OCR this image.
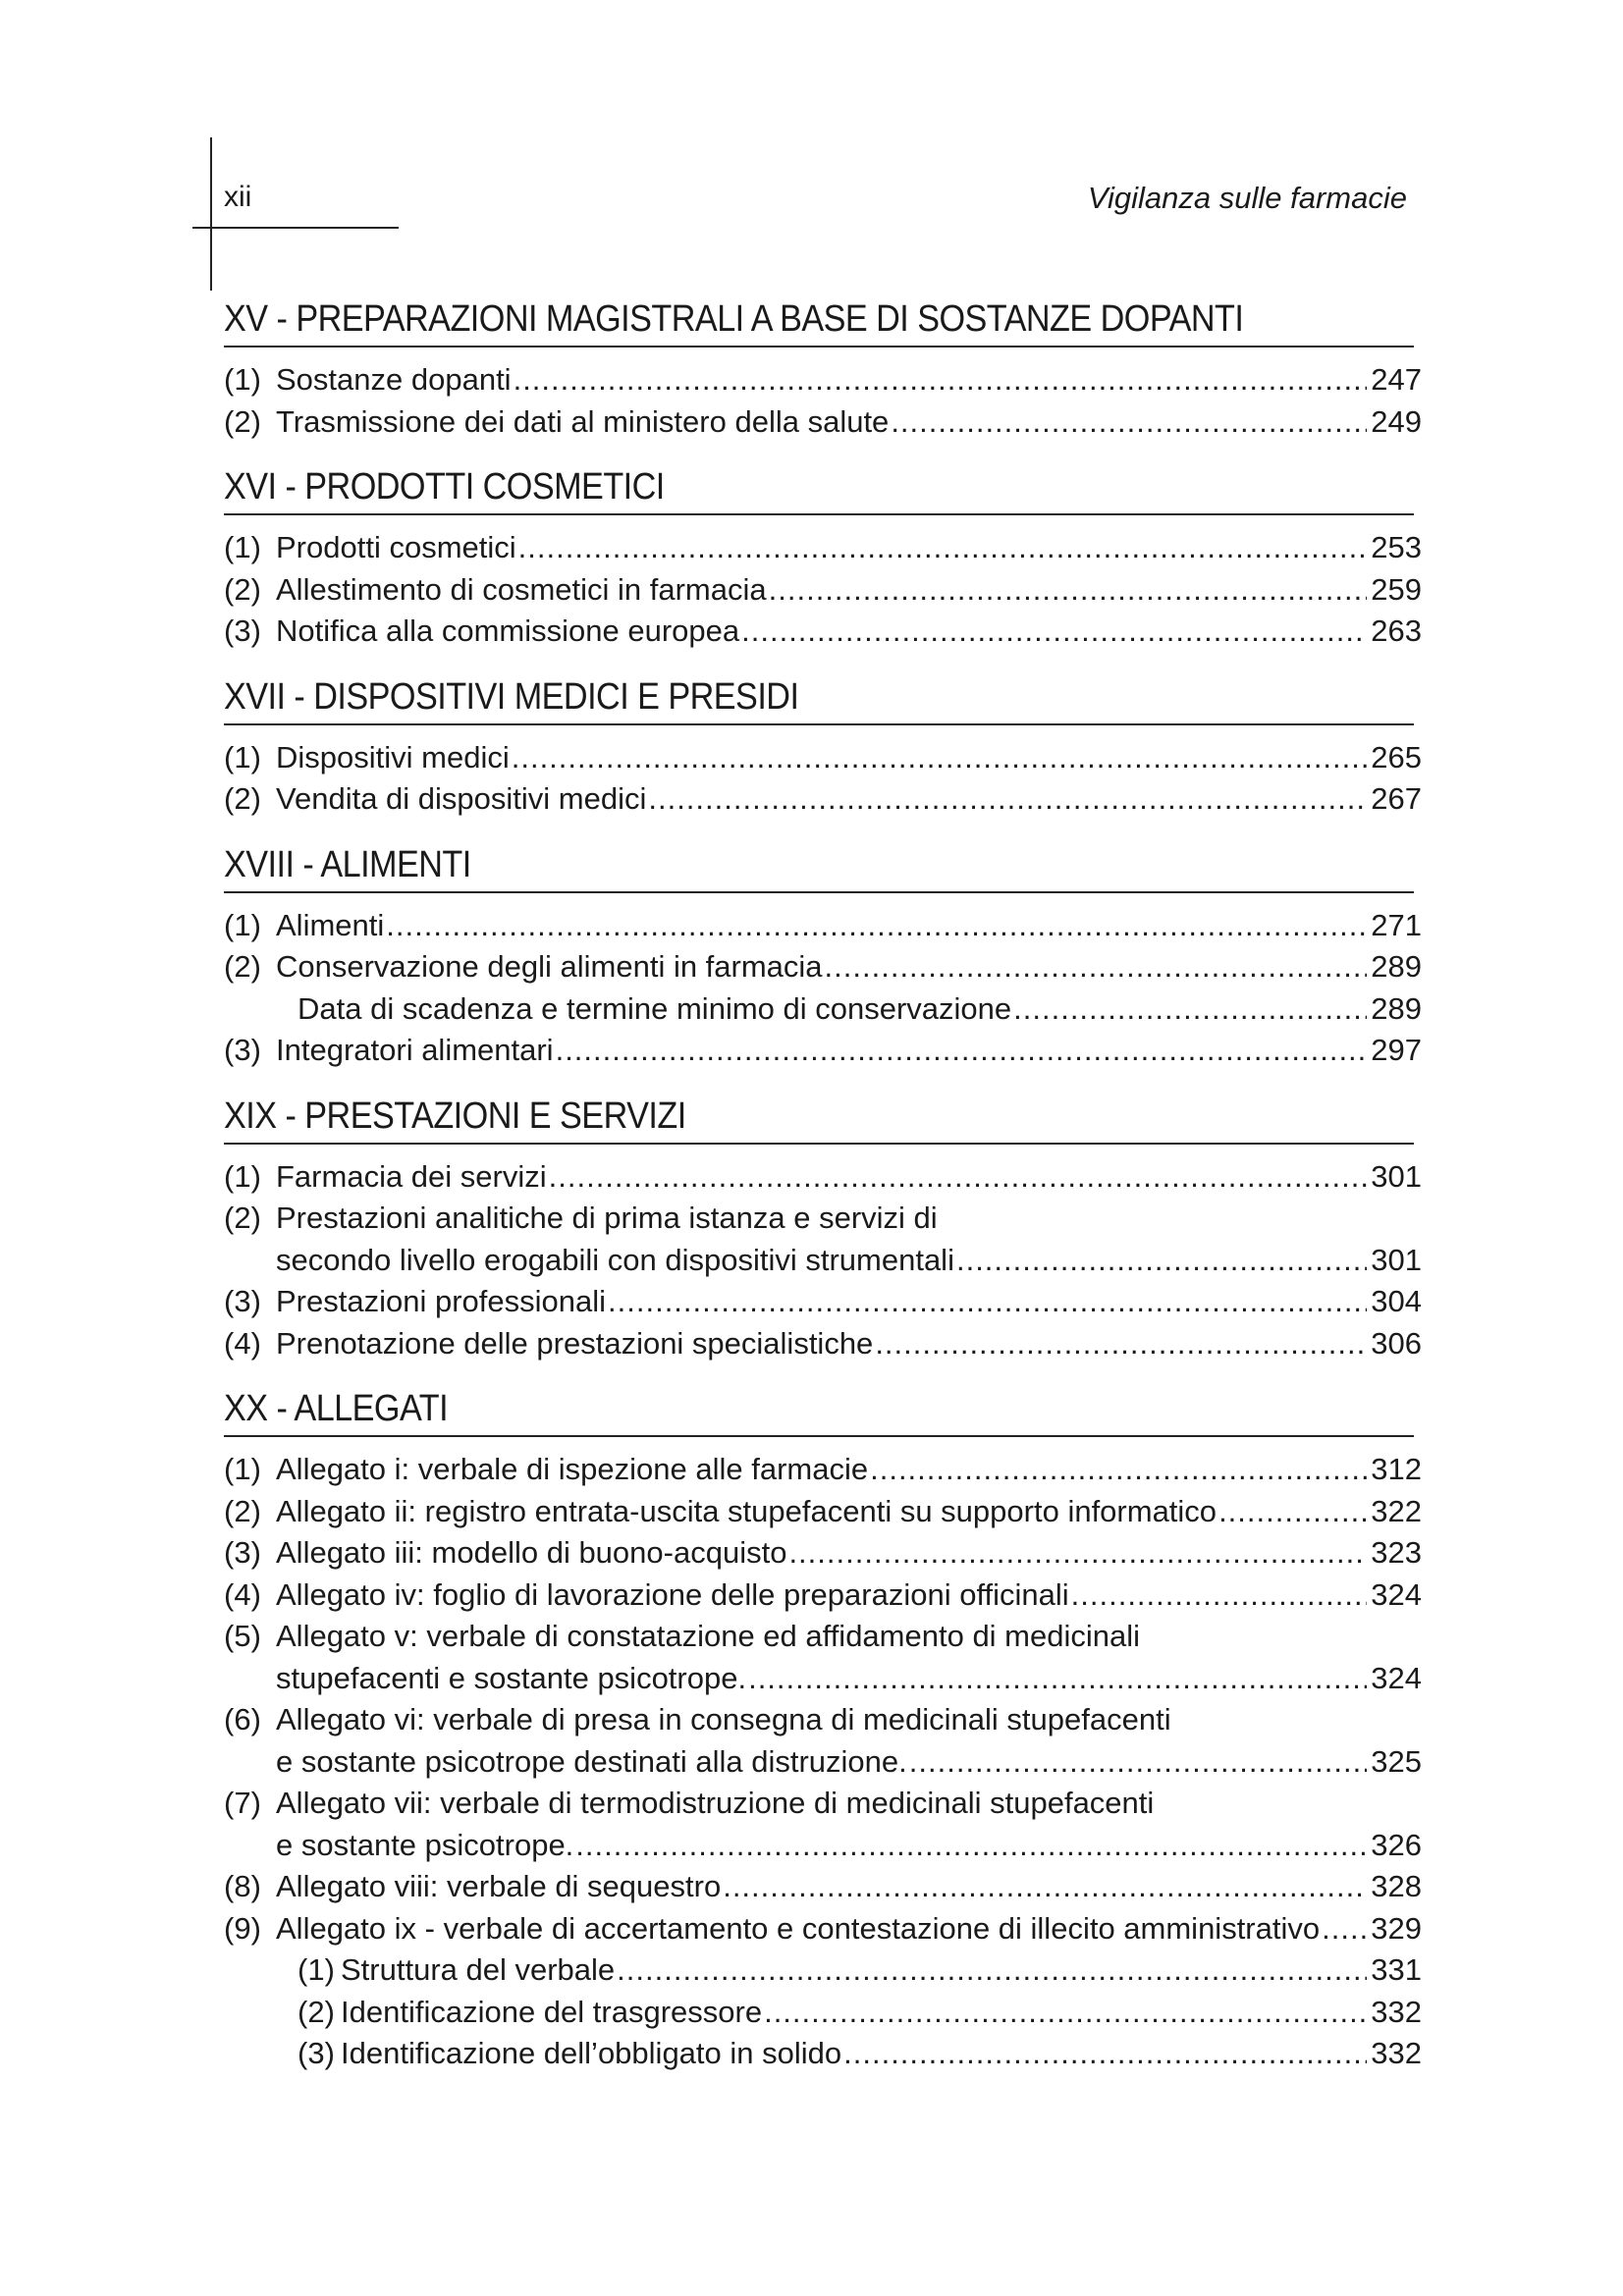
xii	Vigilanza sulle farmacie
XV - PREPARAZIONI MAGISTRALI A BASE DI SOSTANZE DOPANTI
(1) Sostanze dopanti .....	247
(2) Trasmissione dei dati al ministero della salute .....	249
XVI - PRODOTTI COSMETICI
(1) Prodotti cosmetici .....	253
(2) Allestimento di cosmetici in farmacia .....	259
(3) Notifica alla commissione europea .....	263
XVII - DISPOSITIVI MEDICI E PRESIDI
(1) Dispositivi medici .....	265
(2) Vendita di dispositivi medici .....	267
XVIII - ALIMENTI
(1) Alimenti .....	271
(2) Conservazione degli alimenti in farmacia .....	289
Data di scadenza e termine minimo di conservazione .....	289
(3) Integratori alimentari .....	297
XIX - PRESTAZIONI E SERVIZI
(1) Farmacia dei servizi .....	301
(2) Prestazioni analitiche di prima istanza e servizi di
secondo livello erogabili con dispositivi strumentali .....	301
(3) Prestazioni professionali .....	304
(4) Prenotazione delle prestazioni specialistiche .....	306
XX - ALLEGATI
(1) Allegato i: verbale di ispezione alle farmacie .....	312
(2) Allegato ii: registro entrata-uscita stupefacenti su supporto informatico .....	322
(3) Allegato iii: modello di buono-acquisto .....	323
(4) Allegato iv: foglio di lavorazione delle preparazioni officinali .....	324
(5) Allegato v: verbale di constatazione ed affidamento di medicinali
stupefacenti e sostante psicotrope. .....	324
(6) Allegato vi: verbale di presa in consegna di medicinali stupefacenti
e sostante psicotrope destinati alla distruzione. .....	325
(7) Allegato vii: verbale di termodistruzione di medicinali stupefacenti
e sostante psicotrope. .....	326
(8) Allegato viii: verbale di sequestro .....	328
(9) Allegato ix - verbale di accertamento e contestazione di illecito amministrativo ..... 329
(1) Struttura del verbale .....	331
(2) Identificazione del trasgressore .....	332
(3) Identificazione dell’obbligato in solido .....	332
